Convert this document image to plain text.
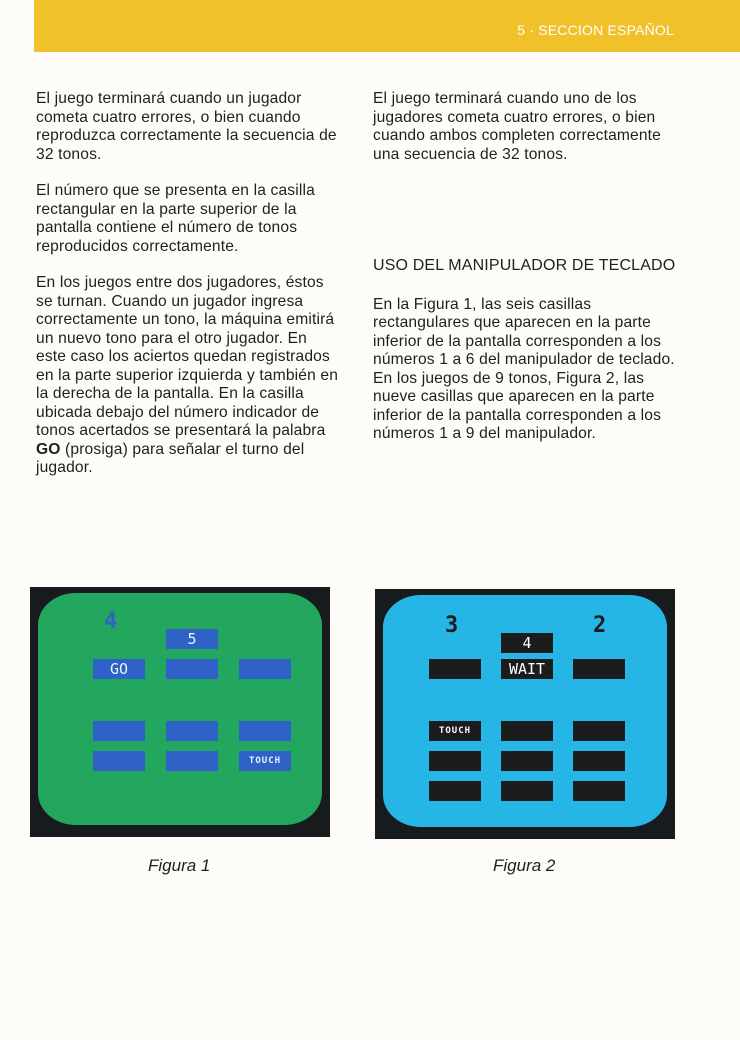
5 · SECCION ESPAÑOL

El juego terminará cuando un jugador cometa cuatro errores, o bien cuando reproduzca correctamente la secuencia de 32 tonos.

El número que se presenta en la casilla rectangular en la parte superior de la pantalla contiene el número de tonos reproducidos correctamente.

En los juegos entre dos jugadores, éstos se turnan. Cuando un jugador ingresa correctamente un tono, la máquina emitirá un nuevo tono para el otro jugador. En este caso los aciertos quedan registrados en la parte superior izquierda y también en la derecha de la pantalla. En la casilla ubicada debajo del número indicador de tonos acertados se presentará la palabra GO (prosiga) para señalar el turno del jugador.

El juego terminará cuando uno de los jugadores cometa cuatro errores, o bien cuando ambos completen correctamente una secuencia de 32 tonos.

USO DEL MANIPULADOR DE TECLADO

En la Figura 1, las seis casillas rectangulares que aparecen en la parte inferior de la pantalla corresponden a los números 1 a 6 del manipulador de teclado. En los juegos de 9 tonos, Figura 2, las nueve casillas que aparecen en la parte inferior de la pantalla corresponden a los números 1 a 9 del manipulador.

4
5
GO
TOUCH
3	2
4
WAIT
TOUCH
Figura 1	Figura 2
